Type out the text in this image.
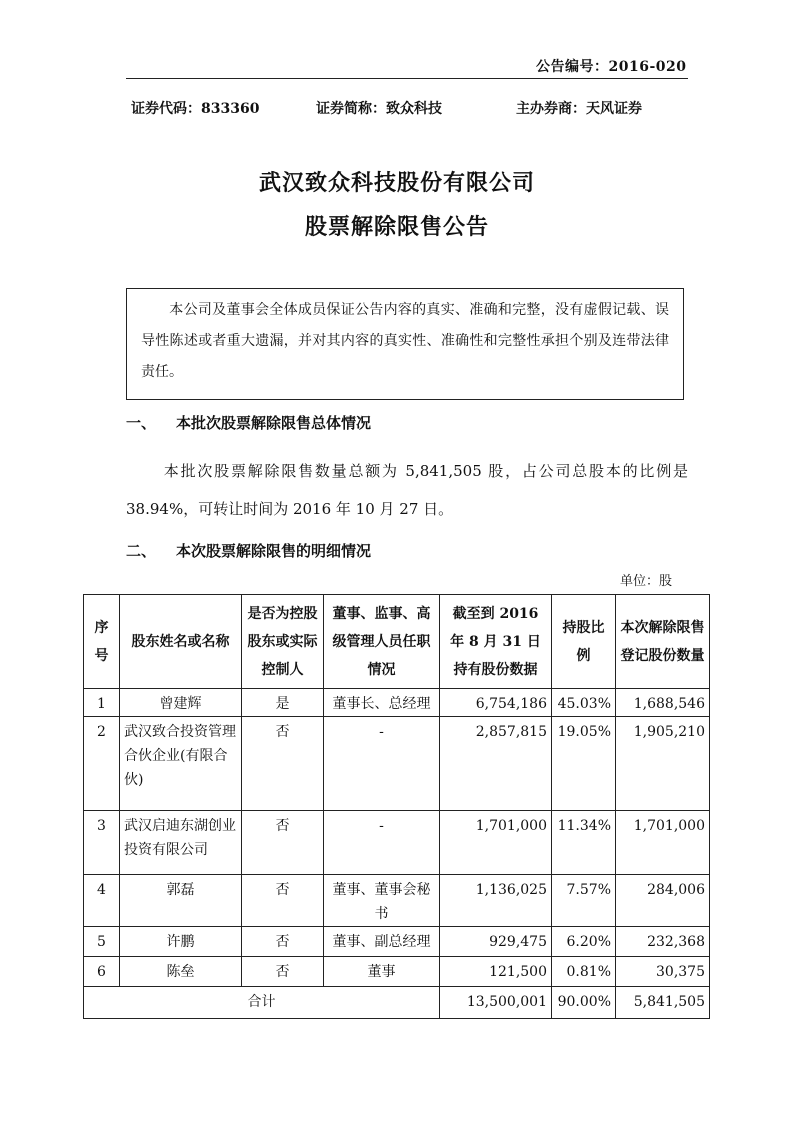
公告编号：2016-020
证券代码：833360	证券简称：致众科技	主办券商：天风证券
武汉致众科技股份有限公司
股票解除限售公告
本公司及董事会全体成员保证公告内容的真实、准确和完整，没有虚假记载、误导性陈述或者重大遗漏，并对其内容的真实性、准确性和完整性承担个别及连带法律责任。
一、 本批次股票解除限售总体情况
本批次股票解除限售数量总额为 5,841,505 股，占公司总股本的比例是 38.94%，可转让时间为 2016 年 10 月 27 日。
二、 本次股票解除限售的明细情况
单位：股
序号	股东姓名或名称	是否为控股股东或实际控制人	董事、监事、高级管理人员任职情况	截至到 2016 年 8 月 31 日持有股份数据	持股比例	本次解除限售登记股份数量
1	曾建辉	是	董事长、总经理	6,754,186	45.03%	1,688,546
2	武汉致合投资管理合伙企业(有限合伙)	否	-	2,857,815	19.05%	1,905,210
3	武汉启迪东湖创业投资有限公司	否	-	1,701,000	11.34%	1,701,000
4	郭磊	否	董事、董事会秘书	1,136,025	7.57%	284,006
5	许鹏	否	董事、副总经理	929,475	6.20%	232,368
6	陈垒	否	董事	121,500	0.81%	30,375
合计				13,500,001	90.00%	5,841,505
